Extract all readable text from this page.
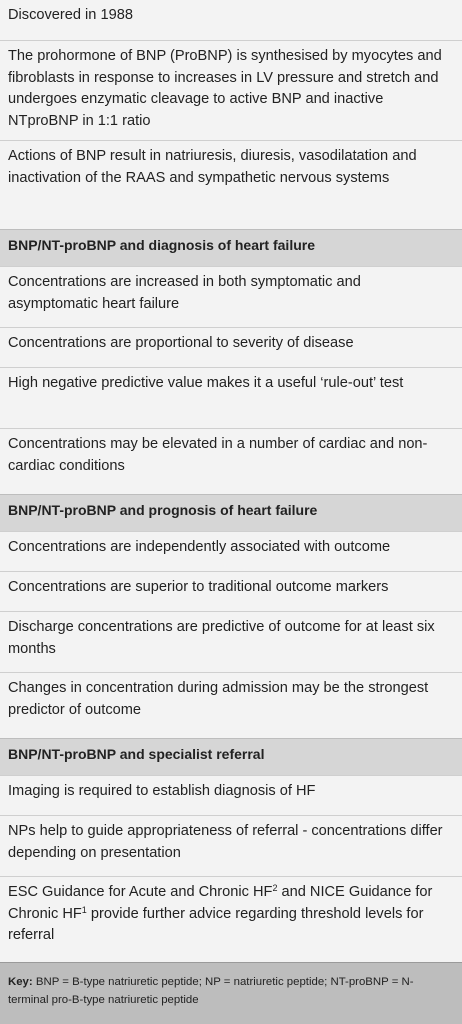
Discovered in 1988
The prohormone of BNP (ProBNP) is synthesised by myocytes and fibroblasts in response to increases in LV pressure and stretch and undergoes enzymatic cleavage to active BNP and inactive NTproBNP in 1:1 ratio
Actions of BNP result in natriuresis, diuresis, vasodilatation and inactivation of the RAAS and sympathetic nervous systems
BNP/NT-proBNP and diagnosis of heart failure
Concentrations are increased in both symptomatic and asymptomatic heart failure
Concentrations are proportional to severity of disease
High negative predictive value makes it a useful ‘rule-out’ test
Concentrations may be elevated in a number of cardiac and non-cardiac conditions
BNP/NT-proBNP and prognosis of heart failure
Concentrations are independently associated with outcome
Concentrations are superior to traditional outcome markers
Discharge concentrations are predictive of outcome for at least six months
Changes in concentration during admission may be the strongest predictor of outcome
BNP/NT-proBNP and specialist referral
Imaging is required to establish diagnosis of HF
NPs help to guide appropriateness of referral - concentrations differ depending on presentation
ESC Guidance for Acute and Chronic $HF^2$ and NICE Guidance for Chronic $HF^1$ provide further advice regarding threshold levels for referral
Key: BNP = B-type natriuretic peptide; NP = natriuretic peptide; NT-proBNP = N-terminal pro-B-type natriuretic peptide
